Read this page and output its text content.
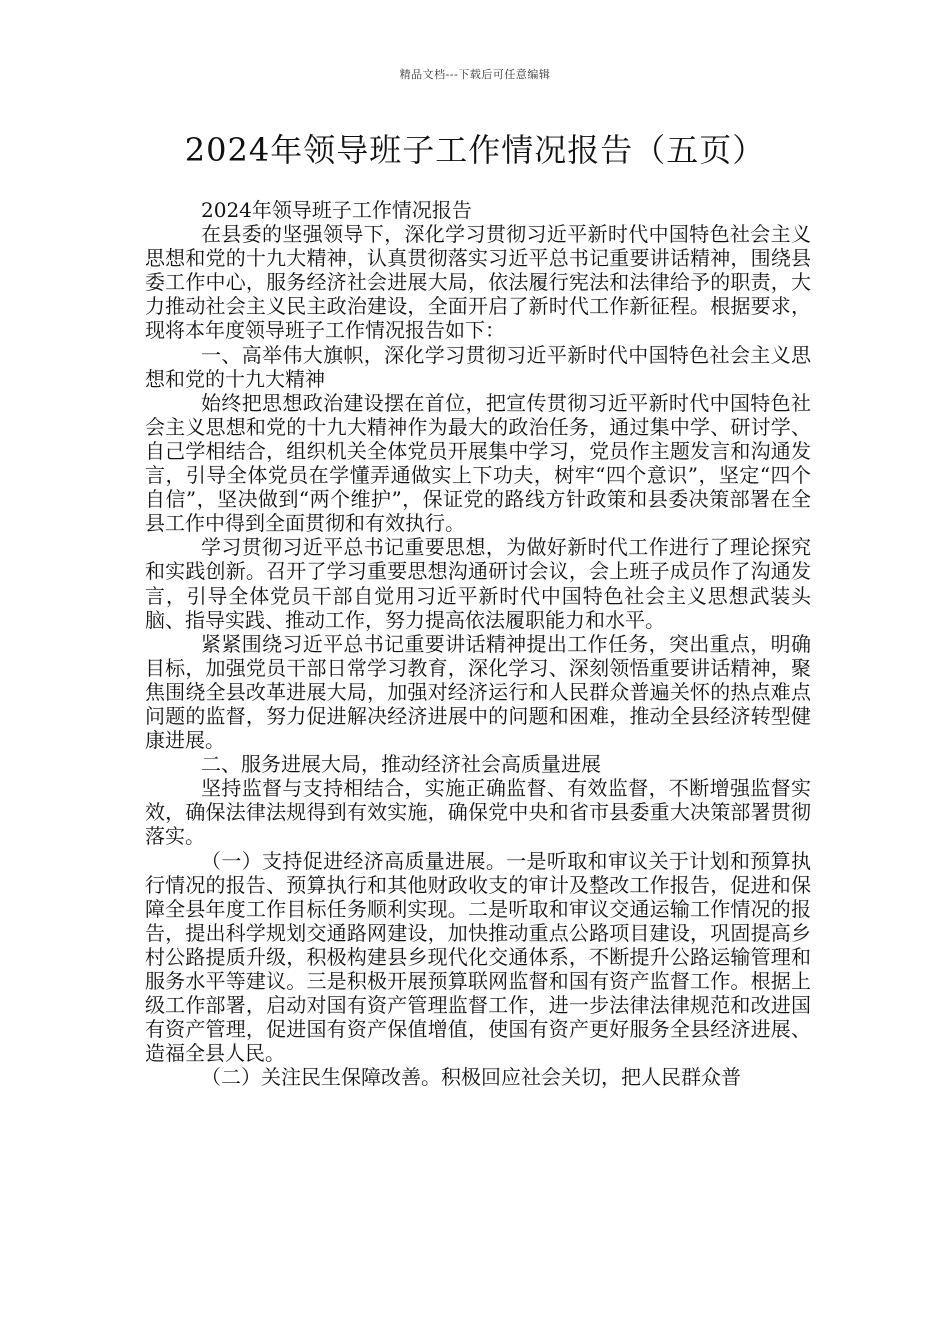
精品文档---下载后可任意编辑
2024年领导班子工作情况报告（五页）

2024年领导班子工作情况报告

在县委的坚强领导下，深化学习贯彻习近平新时代中国特色社会主义思想和党的十九大精神，认真贯彻落实习近平总书记重要讲话精神，围绕县委工作中心，服务经济社会进展大局，依法履行宪法和法律给予的职责，大力推动社会主义民主政治建设，全面开启了新时代工作新征程。根据要求，现将本年度领导班子工作情况报告如下：

一、高举伟大旗帜，深化学习贯彻习近平新时代中国特色社会主义思想和党的十九大精神

始终把思想政治建设摆在首位，把宣传贯彻习近平新时代中国特色社会主义思想和党的十九大精神作为最大的政治任务，通过集中学、研讨学、自己学相结合，组织机关全体党员开展集中学习，党员作主题发言和沟通发言，引导全体党员在学懂弄通做实上下功夫，树牢“四个意识”，坚定“四个自信”，坚决做到“两个维护”，保证党的路线方针政策和县委决策部署在全县工作中得到全面贯彻和有效执行。

学习贯彻习近平总书记重要思想，为做好新时代工作进行了理论探究和实践创新。召开了学习重要思想沟通研讨会议，会上班子成员作了沟通发言，引导全体党员干部自觉用习近平新时代中国特色社会主义思想武装头脑、指导实践、推动工作，努力提高依法履职能力和水平。

紧紧围绕习近平总书记重要讲话精神提出工作任务，突出重点，明确目标，加强党员干部日常学习教育，深化学习、深刻领悟重要讲话精神，聚焦围绕全县改革进展大局，加强对经济运行和人民群众普遍关怀的热点难点问题的监督，努力促进解决经济进展中的问题和困难，推动全县经济转型健康进展。

二、服务进展大局，推动经济社会高质量进展

坚持监督与支持相结合，实施正确监督、有效监督，不断增强监督实效，确保法律法规得到有效实施，确保党中央和省市县委重大决策部署贯彻落实。

（一）支持促进经济高质量进展。一是听取和审议关于计划和预算执行情况的报告、预算执行和其他财政收支的审计及整改工作报告，促进和保障全县年度工作目标任务顺利实现。二是听取和审议交通运输工作情况的报告，提出科学规划交通路网建设，加快推动重点公路项目建设，巩固提高乡村公路提质升级，积极构建县乡现代化交通体系，不断提升公路运输管理和服务水平等建议。三是积极开展预算联网监督和国有资产监督工作。根据上级工作部署，启动对国有资产管理监督工作，进一步法律法律规范和改进国有资产管理，促进国有资产保值增值，使国有资产更好服务全县经济进展、造福全县人民。

（二）关注民生保障改善。积极回应社会关切，把人民群众普
